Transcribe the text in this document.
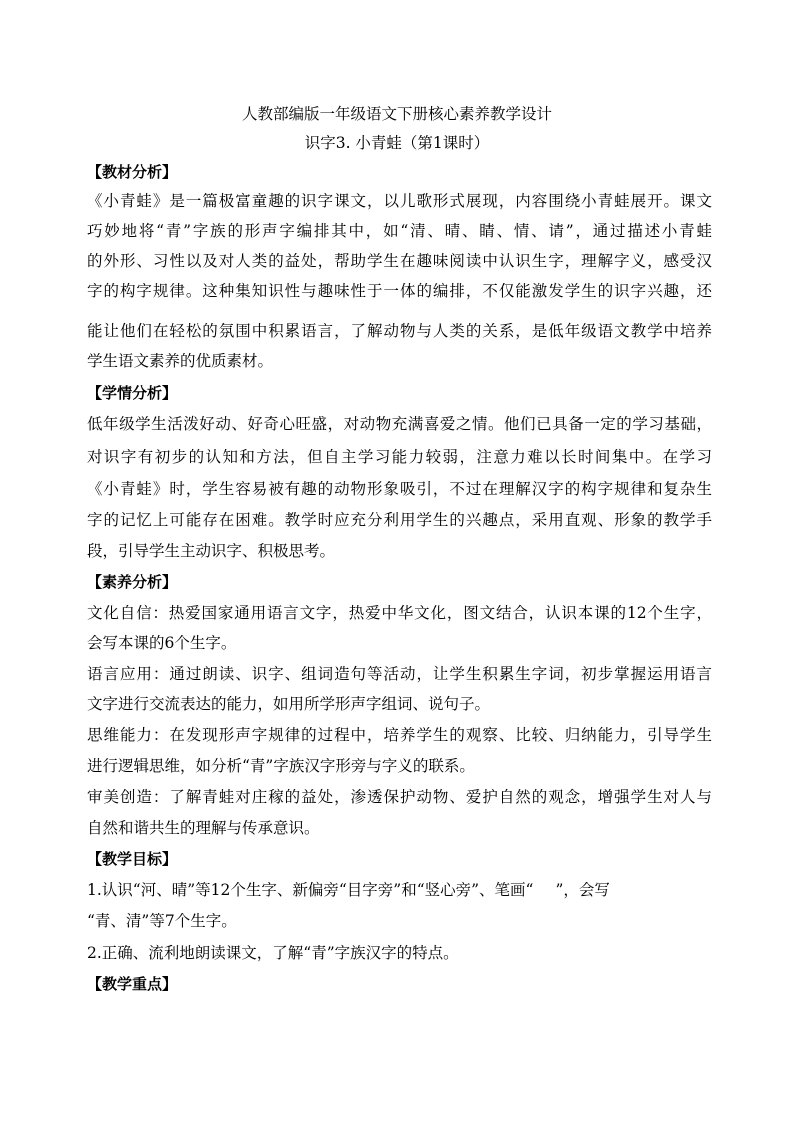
人教部编版一年级语文下册核心素养教学设计
识字3. 小青蛙（第1课时）
【教材分析】
《小青蛙》是一篇极富童趣的识字课文，以儿歌形式展现，内容围绕小青蛙展开。课文
巧妙地将“青”字族的形声字编排其中，如“清、晴、睛、情、请”，通过描述小青蛙
的外形、习性以及对人类的益处，帮助学生在趣味阅读中认识生字，理解字义，感受汉
字的构字规律。这种集知识性与趣味性于一体的编排，不仅能激发学生的识字兴趣，还
能让他们在轻松的氛围中积累语言，了解动物与人类的关系，是低年级语文教学中培养
学生语文素养的优质素材。
【学情分析】
低年级学生活泼好动、好奇心旺盛，对动物充满喜爱之情。他们已具备一定的学习基础，
对识字有初步的认知和方法，但自主学习能力较弱，注意力难以长时间集中。在学习
《小青蛙》时，学生容易被有趣的动物形象吸引，不过在理解汉字的构字规律和复杂生
字的记忆上可能存在困难。教学时应充分利用学生的兴趣点，采用直观、形象的教学手
段，引导学生主动识字、积极思考。
【素养分析】
文化自信：热爱国家通用语言文字，热爱中华文化，图文结合，认识本课的12个生字，
会写本课的6个生字。
语言应用：通过朗读、识字、组词造句等活动，让学生积累生字词，初步掌握运用语言
文字进行交流表达的能力，如用所学形声字组词、说句子。
思维能力：在发现形声字规律的过程中，培养学生的观察、比较、归纳能力，引导学生
进行逻辑思维，如分析“青”字族汉字形旁与字义的联系。
审美创造：了解青蛙对庄稼的益处，渗透保护动物、爱护自然的观念，增强学生对人与
自然和谐共生的理解与传承意识。
【教学目标】
1.认识“河、晴”等12个生字、新偏旁“目字旁”和“竖心旁”、笔画“ ”，会写
“青、清”等7个生字。
2.正确、流利地朗读课文，了解“青”字族汉字的特点。
【教学重点】
